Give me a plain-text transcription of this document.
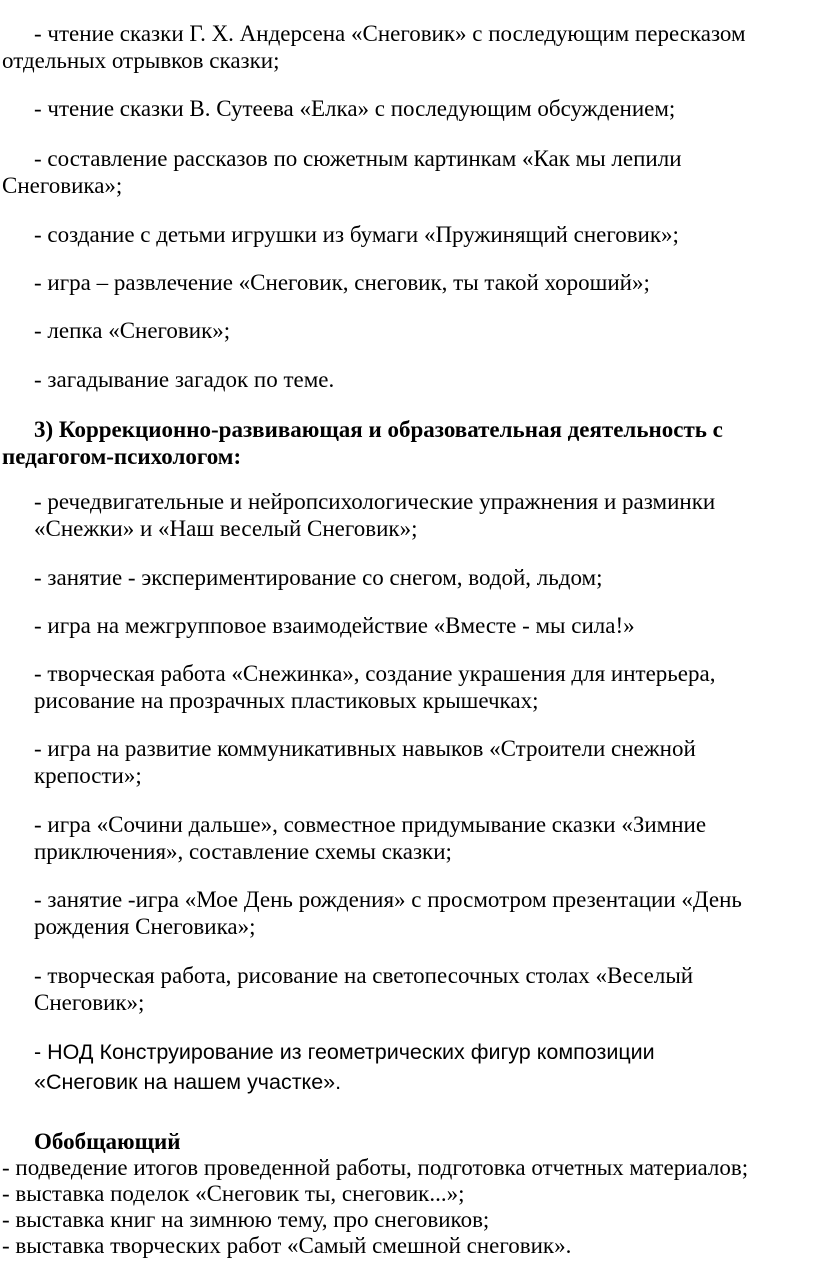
- чтение сказки Г. Х. Андерсена «Снеговик» с последующим пересказом
отдельных отрывков сказки;

- чтение сказки В. Сутеева «Елка» с последующим обсуждением;

- составление рассказов по сюжетным картинкам «Как мы лепили
Снеговика»;

- создание с детьми игрушки из бумаги «Пружинящий снеговик»;

- игра – развлечение «Снеговик, снеговик, ты такой хороший»;

- лепка «Снеговик»;

- загадывание загадок по теме.

3) Коррекционно-развивающая и образовательная деятельность с
педагогом-психологом:

- речедвигательные и нейропсихологические упражнения и разминки
«Снежки» и «Наш веселый Снеговик»;

- занятие - экспериментирование со снегом, водой, льдом;

- игра на межгрупповое взаимодействие «Вместе - мы сила!»

- творческая работа «Снежинка», создание украшения для интерьера,
рисование на прозрачных пластиковых крышечках;

- игра на развитие коммуникативных навыков «Строители снежной
крепости»;

- игра «Сочини дальше», совместное придумывание сказки «Зимние
приключения», составление схемы сказки;

- занятие -игра «Мое День рождения» с просмотром презентации «День
рождения Снеговика»;

- творческая работа, рисование на светопесочных столах «Веселый
Снеговик»;

- НОД Конструирование из геометрических фигур композиции
«Снеговик на нашем участке».

Обобщающий

- подведение итогов проведенной работы, подготовка отчетных материалов;
- выставка поделок «Снеговик ты, снеговик...»;
- выставка книг на зимнюю тему, про снеговиков;
- выставка творческих работ «Самый смешной снеговик».
